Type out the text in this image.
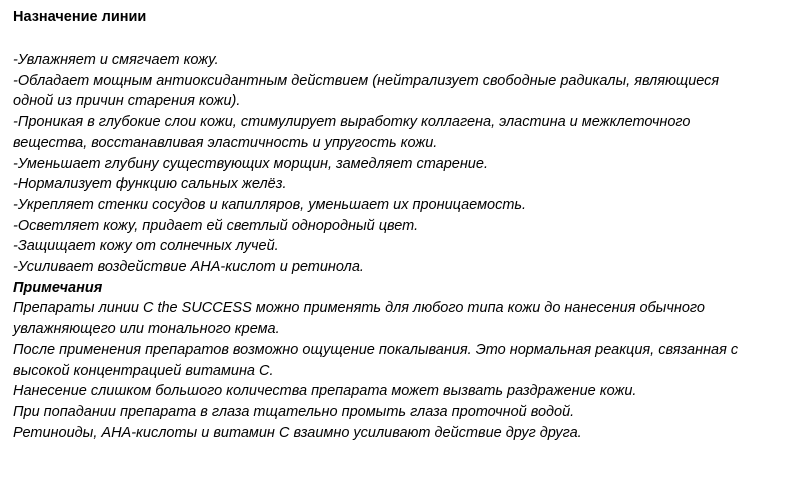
Назначение линии

-Увлажняет и смягчает кожу.

-Обладает мощным антиоксидантным действием (нейтрализует свободные радикалы, являющиеся одной из причин старения кожи).

-Проникая в глубокие слои кожи, стимулирует выработку коллагена, эластина и межклеточного вещества, восстанавливая эластичность и упругость кожи.

-Уменьшает глубину существующих морщин, замедляет старение.

-Нормализует функцию сальных желёз.

-Укрепляет стенки сосудов и капилляров, уменьшает их проницаемость.

-Осветляет кожу, придает ей светлый однородный цвет.

-Защищает кожу от солнечных лучей.

-Усиливает воздействие АНА-кислот и ретинола.

Примечания

Препараты линии C the SUCCESS можно применять для любого типа кожи до нанесения обычного увлажняющего или тонального крема.

После применения препаратов возможно ощущение покалывания. Это нормальная реакция, связанная с высокой концентрацией витамина С.

Нанесение слишком большого количества препарата может вызвать раздражение кожи.

При попадании препарата в глаза тщательно промыть глаза проточной водой.

Ретиноиды, АНА-кислоты и витамин С взаимно усиливают действие друг друга.
